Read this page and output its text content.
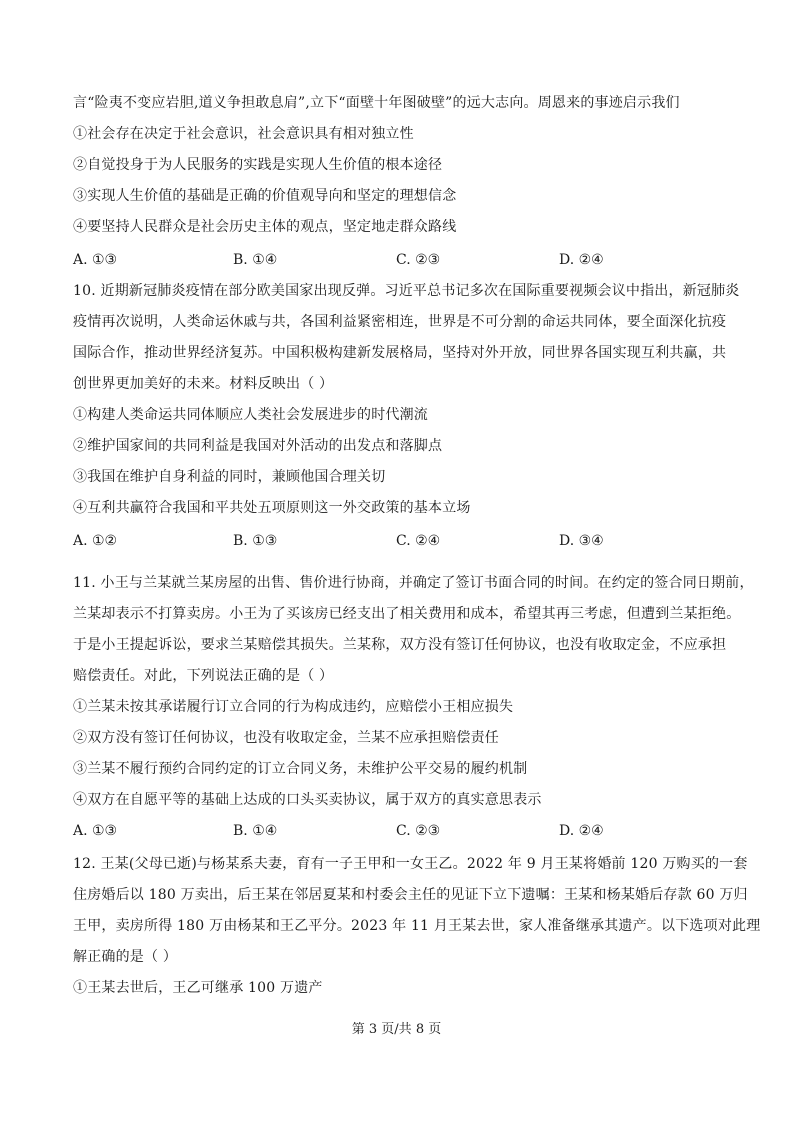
言“险夷不变应岩胆,道义争担敢息肩”,立下“面壁十年图破壁”的远大志向。周恩来的事迹启示我们
①社会存在决定于社会意识，社会意识具有相对独立性
②自觉投身于为人民服务的实践是实现人生价值的根本途径
③实现人生价值的基础是正确的价值观导向和坚定的理想信念
④要坚持人民群众是社会历史主体的观点，坚定地走群众路线
A. ①③	B. ①④	C. ②③	D. ②④
10. 近期新冠肺炎疫情在部分欧美国家出现反弹。习近平总书记多次在国际重要视频会议中指出，新冠肺炎
疫情再次说明，人类命运休戚与共，各国利益紧密相连，世界是不可分割的命运共同体，要全面深化抗疫
国际合作，推动世界经济复苏。中国积极构建新发展格局，坚持对外开放，同世界各国实现互利共赢，共
创世界更加美好的未来。材料反映出（ ）
①构建人类命运共同体顺应人类社会发展进步的时代潮流
②维护国家间的共同利益是我国对外活动的出发点和落脚点
③我国在维护自身利益的同时，兼顾他国合理关切
④互利共赢符合我国和平共处五项原则这一外交政策的基本立场
A. ①②	B. ①③	C. ②④	D. ③④
11. 小王与兰某就兰某房屋的出售、售价进行协商，并确定了签订书面合同的时间。在约定的签合同日期前，
兰某却表示不打算卖房。小王为了买该房已经支出了相关费用和成本，希望其再三考虑，但遭到兰某拒绝。
于是小王提起诉讼，要求兰某赔偿其损失。兰某称，双方没有签订任何协议，也没有收取定金，不应承担
赔偿责任。对此，下列说法正确的是（ ）
①兰某未按其承诺履行订立合同的行为构成违约，应赔偿小王相应损失
②双方没有签订任何协议，也没有收取定金，兰某不应承担赔偿责任
③兰某不履行预约合同约定的订立合同义务，未维护公平交易的履约机制
④双方在自愿平等的基础上达成的口头买卖协议，属于双方的真实意思表示
A. ①③	B. ①④	C. ②③	D. ②④
12. 王某(父母已逝)与杨某系夫妻，育有一子王甲和一女王乙。2022 年 9 月王某将婚前 120 万购买的一套
住房婚后以 180 万卖出，后王某在邻居夏某和村委会主任的见证下立下遗嘱：王某和杨某婚后存款 60 万归
王甲，卖房所得 180 万由杨某和王乙平分。2023 年 11 月王某去世，家人准备继承其遗产。以下选项对此理
解正确的是（ ）
①王某去世后，王乙可继承 100 万遗产
第 3 页/共 8 页
